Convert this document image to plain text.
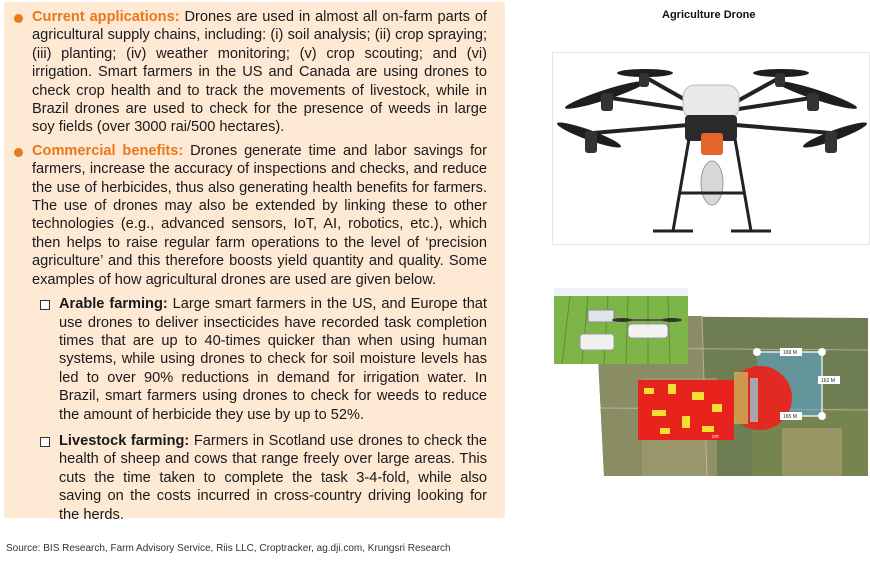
Current applications: Drones are used in almost all on-farm parts of agricultural supply chains, including: (i) soil analysis; (ii) crop spraying; (iii) planting; (iv) weather monitoring; (v) crop scouting; and (vi) irrigation. Smart farmers in the US and Canada are using drones to check crop health and to track the movements of livestock, while in Brazil drones are used to check for the presence of weeds in large soy fields (over 3000 rai/500 hectares).
Commercial benefits: Drones generate time and labor savings for farmers, increase the accuracy of inspections and checks, and reduce the use of herbicides, thus also generating health benefits for farmers. The use of drones may also be extended by linking these to other technologies (e.g., advanced sensors, IoT, AI, robotics, etc.), which then helps to raise regular farm operations to the level of ‘precision agriculture’ and this therefore boosts yield quantity and quality. Some examples of how agricultural drones are used are given below.
Arable farming: Large smart farmers in the US, and Europe that use drones to deliver insecticides have recorded task completion times that are up to 40-times quicker than when using human systems, while using drones to check for soil moisture levels has led to over 90% reductions in demand for irrigation water. In Brazil, smart farmers using drones to check for weeds to reduce the amount of herbicide they use by up to 52%.
Livestock farming: Farmers in Scotland use drones to check the health of sheep and cows that range freely over large areas. This cuts the time taken to complete the task 3-4-fold, while also saving on the costs incurred in cross-country driving looking for the herds.
Agriculture Drone
169 M
162 M
165 M
cm
Source: BIS Research, Farm Advisory Service, Riis LLC, Croptracker, ag.dji.com, Krungsri Research
